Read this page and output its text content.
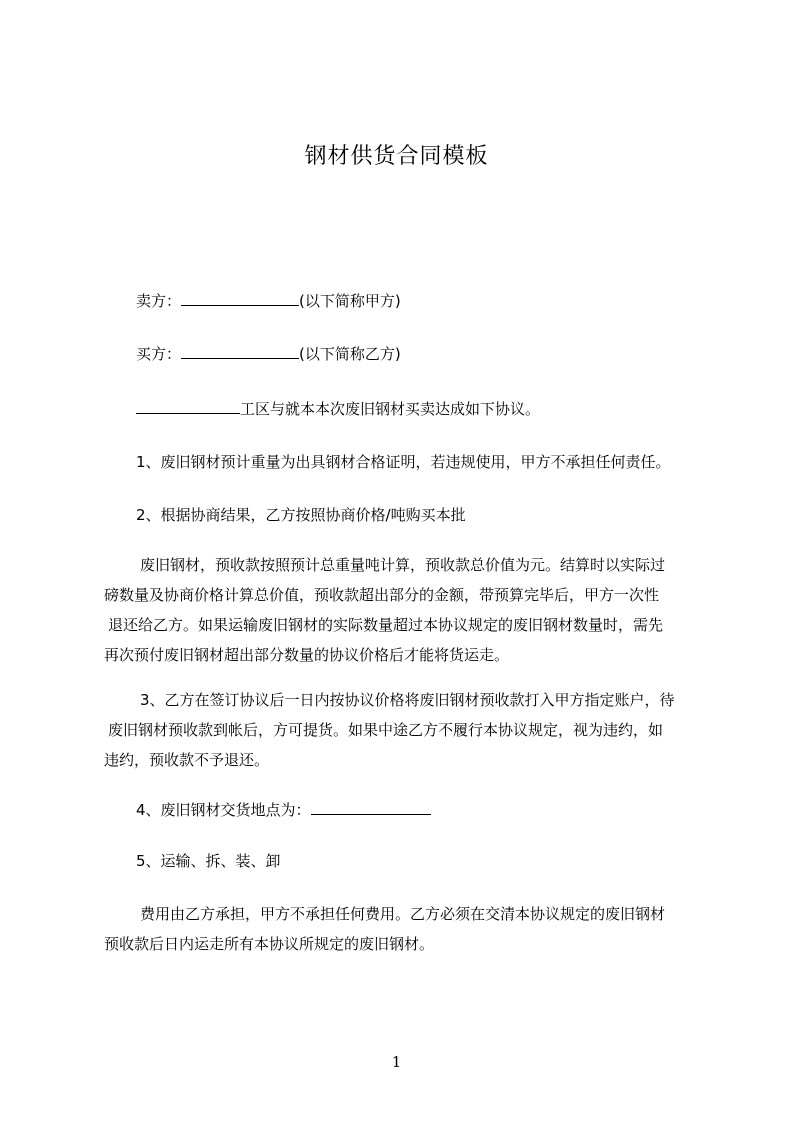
钢材供货合同模板
卖方：	(以下简称甲方)
买方：	(以下简称乙方)
工区与就本本次废旧钢材买卖达成如下协议。
1、废旧钢材预计重量为出具钢材合格证明，若违规使用，甲方不承担任何责任。
2、根据协商结果，乙方按照协商价格/吨购买本批
废旧钢材，预收款按照预计总重量吨计算，预收款总价值为元。结算时以实际过
磅数量及协商价格计算总价值，预收款超出部分的金额，带预算完毕后，甲方一次性
退还给乙方。如果运输废旧钢材的实际数量超过本协议规定的废旧钢材数量时，需先
再次预付废旧钢材超出部分数量的协议价格后才能将货运走。
3、乙方在签订协议后一日内按协议价格将废旧钢材预收款打入甲方指定账户，待
废旧钢材预收款到帐后，方可提货。如果中途乙方不履行本协议规定，视为违约，如
违约，预收款不予退还。
4、废旧钢材交货地点为：
5、运输、拆、装、卸
费用由乙方承担，甲方不承担任何费用。乙方必须在交清本协议规定的废旧钢材
预收款后日内运走所有本协议所规定的废旧钢材。
1
